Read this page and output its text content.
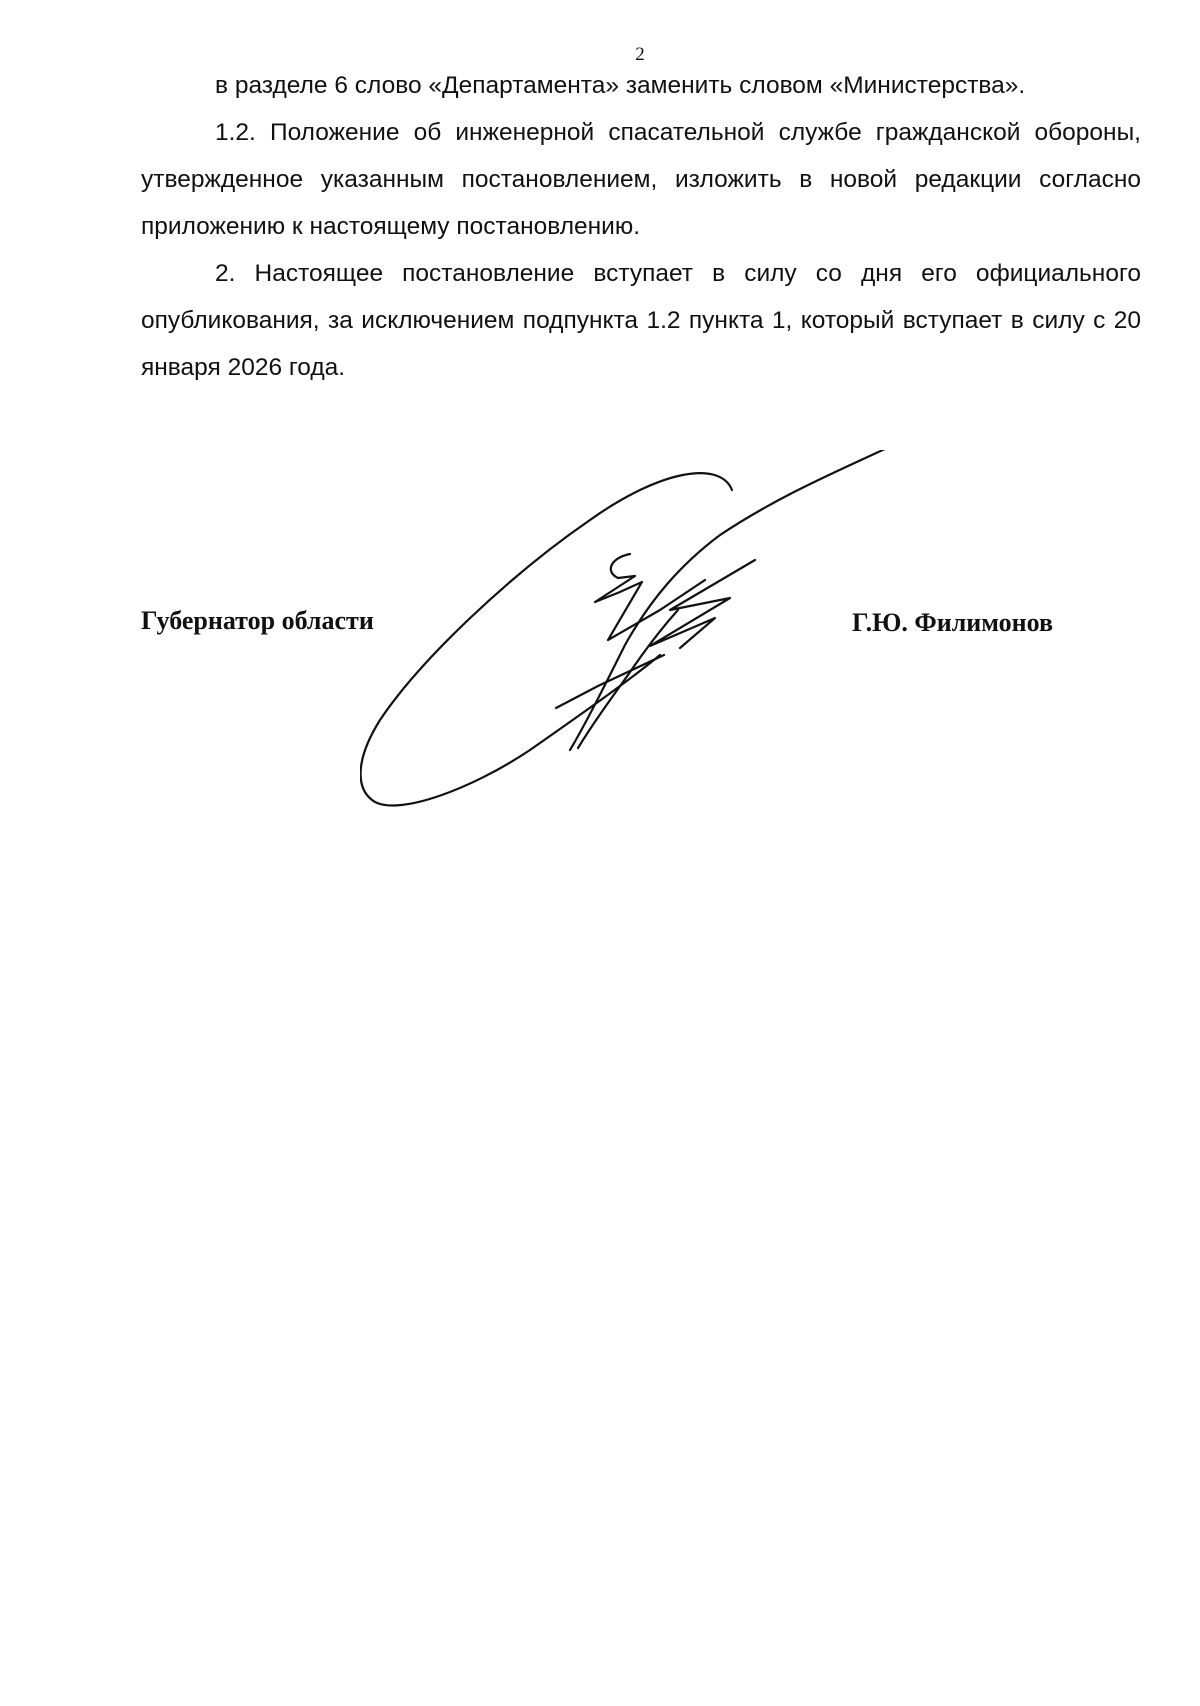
2

в разделе 6 слово «Департамента» заменить словом «Министерства».

1.2. Положение об инженерной спасательной службе гражданской обороны, утвержденное указанным постановлением, изложить в новой редакции согласно приложению к настоящему постановлению.

2. Настоящее постановление вступает в силу со дня его официального опубликования, за исключением подпункта 1.2 пункта 1, который вступает в силу с 20 января 2026 года.

Губернатор области	Г.Ю. Филимонов
